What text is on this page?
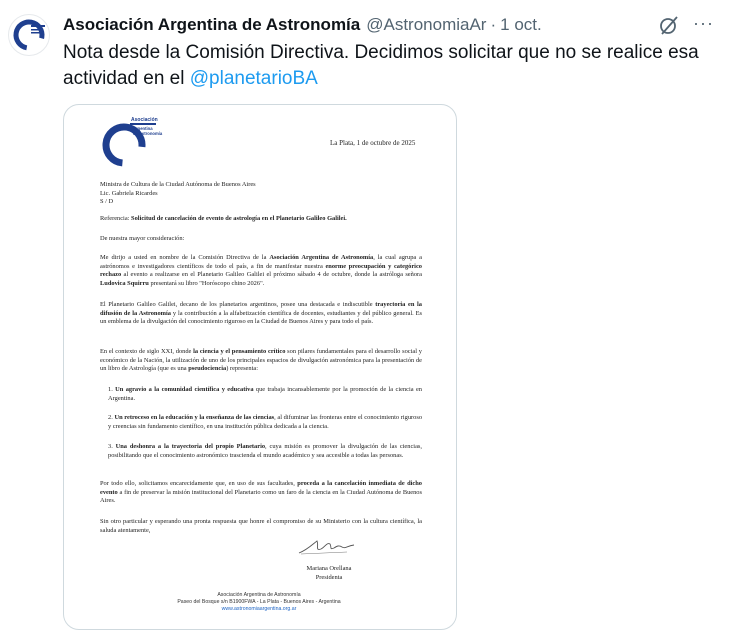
Asociación Argentina de Astronomía @AstronomiaAr · 1 oct.	···
Nota desde la Comisión Directiva. Decidimos solicitar que no se realice esa actividad en el @planetarioBA
Asociación
Argentina
de Astronomía
La Plata, 1 de octubre de 2025
Ministra de Cultura de la Ciudad Autónoma de Buenos Aires
Lic. Gabriela Ricardes
S / D
Referencia: Solicitud de cancelación de evento de astrología en el Planetario Galileo Galilei.
De nuestra mayor consideración:
Me dirijo a usted en nombre de la Comisión Directiva de la Asociación Argentina de Astronomía, la cual agrupa a astrónomos e investigadores científicos de todo el país, a fin de manifestar nuestra enorme preocupación y categórico rechazo al evento a realizarse en el Planetario Galileo Galilei el próximo sábado 4 de octubre, donde la astróloga señora Ludovica Squirru presentará su libro "Horóscopo chino 2026".
El Planetario Galileo Galilei, decano de los planetarios argentinos, posee una destacada e indiscutible trayectoria en la difusión de la Astronomía y la contribución a la alfabetización científica de docentes, estudiantes y del público general. Es un emblema de la divulgación del conocimiento riguroso en la Ciudad de Buenos Aires y para todo el país.
En el contexto de siglo XXI, donde la ciencia y el pensamiento crítico son pilares fundamentales para el desarrollo social y económico de la Nación, la utilización de uno de los principales espacios de divulgación astronómica para la presentación de un libro de Astrología (que es una pseudociencia) representa:
1. Un agravio a la comunidad científica y educativa que trabaja incansablemente por la promoción de la ciencia en Argentina.
2. Un retroceso en la educación y la enseñanza de las ciencias, al difuminar las fronteras entre el conocimiento riguroso y creencias sin fundamento científico, en una institución pública dedicada a la ciencia.
3. Una deshonra a la trayectoria del propio Planetario, cuya misión es promover la divulgación de las ciencias, posibilitando que el conocimiento astronómico trascienda el mundo académico y sea accesible a todas las personas.
Por todo ello, solicitamos encarecidamente que, en uso de sus facultades, proceda a la cancelación inmediata de dicho evento a fin de preservar la misión institucional del Planetario como un faro de la ciencia en la Ciudad Autónoma de Buenos Aires.
Sin otro particular y esperando una pronta respuesta que honre el compromiso de su Ministerio con la cultura científica, la saluda atentamente,
Mariana Orellana
Presidenta
Asociación Argentina de Astronomía
Paseo del Bosque s/n B1900FWA - La Plata - Buenos Aires - Argentina
www.astronomiaargentina.org.ar
